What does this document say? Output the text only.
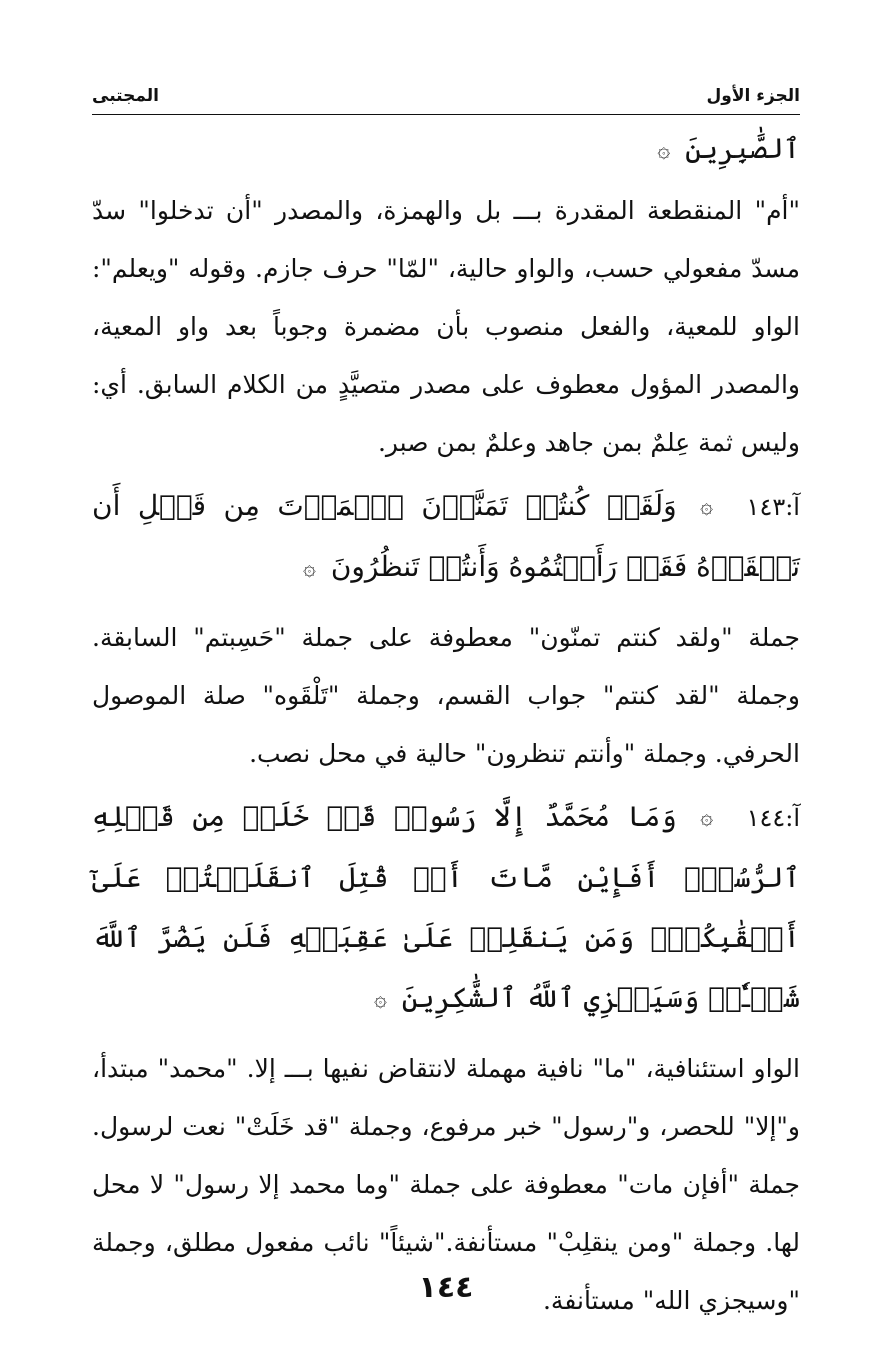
الجزء الأول
المجتبى
ٱلصَّٰبِرِينَ ۞

"أم" المنقطعة المقدرة بـــ بل والهمزة، والمصدر "أن تدخلوا" سدّ مسدّ مفعولي حسب، والواو حالية، "لمّا" حرف جازم. وقوله "ويعلم": الواو للمعية، والفعل منصوب بأن مضمرة وجوباً بعد واو المعية، والمصدر المؤول معطوف على مصدر متصيَّدٍ من الكلام السابق. أي: وليس ثمة عِلمٌ بمن جاهد وعلمٌ بمن صبر.

آ:١٤٣ ۞ وَلَقَدۡ كُنتُمۡ تَمَنَّوۡنَ ٱلۡمَوۡتَ مِن قَبۡلِ أَن تَلۡقَوۡهُ فَقَدۡ رَأَيۡتُمُوهُ وَأَنتُمۡ تَنظُرُونَ ۞

جملة "ولقد كنتم تمنّون" معطوفة على جملة "حَسِبتم" السابقة. وجملة "لقد كنتم" جواب القسم، وجملة "تَلْقَوه" صلة الموصول الحرفي. وجملة "وأنتم تنظرون" حالية في محل نصب.

آ:١٤٤ ۞ وَمَا مُحَمَّدٌ إِلَّا رَسُولٞ قَدۡ خَلَتۡ مِن قَبۡلِهِ ٱلرُّسُلُۚ أَفَإِيْن مَّاتَ أَوۡ قُتِلَ ٱنقَلَبۡتُمۡ عَلَىٰٓ أَعۡقَٰبِكُمۡۚ وَمَن يَنقَلِبۡ عَلَىٰ عَقِبَيۡهِ فَلَن يَضُرَّ ٱللَّهَ شَيۡـٔٗاۗ وَسَيَجۡزِي ٱللَّهُ ٱلشَّٰكِرِينَ ۞

الواو استئنافية، "ما" نافية مهملة لانتقاض نفيها بـــ إلا. "محمد" مبتدأ، و"إلا" للحصر، و"رسول" خبر مرفوع، وجملة "قد خَلَتْ" نعت لرسول. جملة "أفإن مات" معطوفة على جملة "وما محمد إلا رسول" لا محل لها. وجملة "ومن ينقلِبْ" مستأنفة."شيئاً" نائب مفعول مطلق، وجملة "وسيجزي الله" مستأنفة.

١٤٤
